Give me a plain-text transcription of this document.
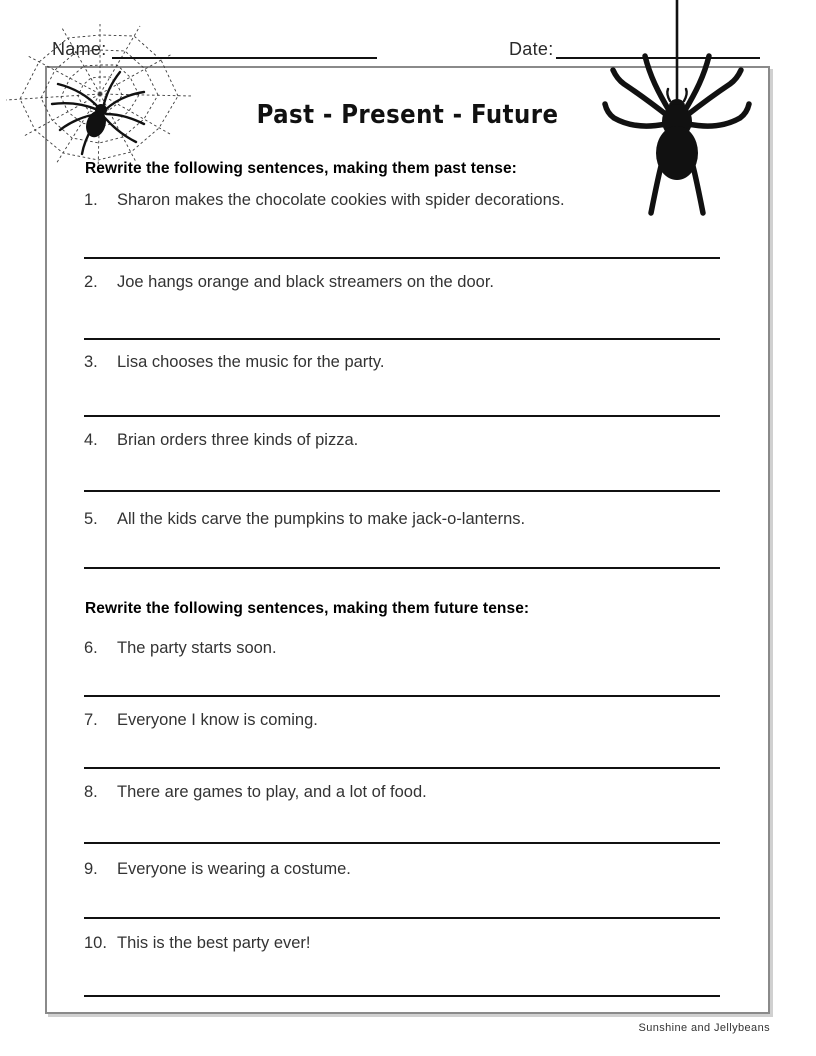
Name:	Date:
Past - Present - Future
Rewrite the following sentences, making them past tense:
1.	Sharon makes the chocolate cookies with spider decorations.
2.	Joe hangs orange and black streamers on the door.
3.	Lisa chooses the music for the party.
4.	Brian orders three kinds of pizza.
5.	All the kids carve the pumpkins to make jack-o-lanterns.
Rewrite the following sentences, making them future tense:
6.	The party starts soon.
7.	Everyone I know is coming.
8.	There are games to play, and a lot of food.
9.	Everyone is wearing a costume.
10. This is the best party ever!
Sunshine and Jellybeans
